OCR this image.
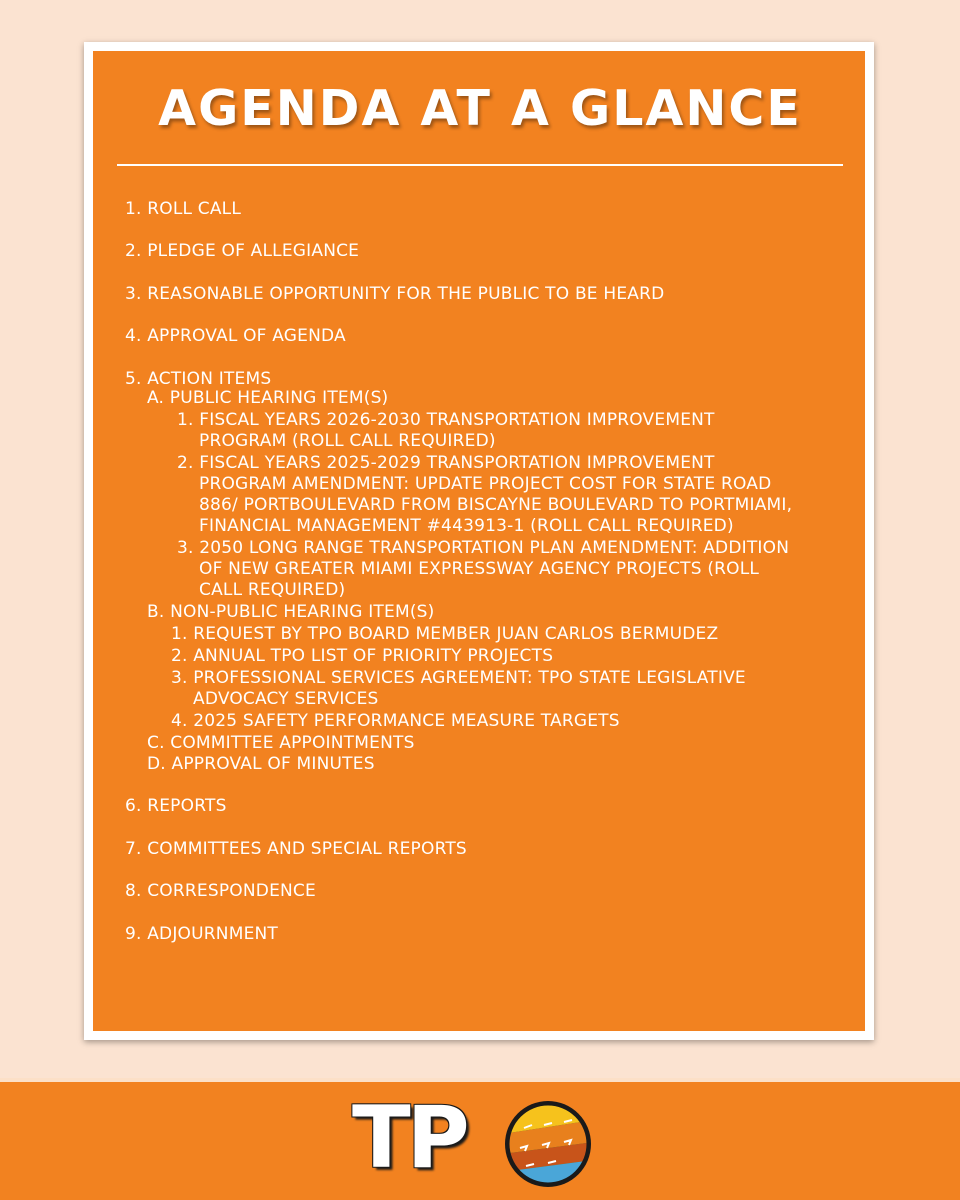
AGENDA AT A GLANCE
1. ROLL CALL
2. PLEDGE OF ALLEGIANCE
3. REASONABLE OPPORTUNITY FOR THE PUBLIC TO BE HEARD
4. APPROVAL OF AGENDA
5. ACTION ITEMS
A. PUBLIC HEARING ITEM(S)
1. FISCAL YEARS 2026-2030 TRANSPORTATION IMPROVEMENT
PROGRAM (ROLL CALL REQUIRED)
2. FISCAL YEARS 2025-2029 TRANSPORTATION IMPROVEMENT
PROGRAM AMENDMENT: UPDATE PROJECT COST FOR STATE ROAD
886/ PORTBOULEVARD FROM BISCAYNE BOULEVARD TO PORTMIAMI,
FINANCIAL MANAGEMENT #443913-1 (ROLL CALL REQUIRED)
3. 2050 LONG RANGE TRANSPORTATION PLAN AMENDMENT: ADDITION
OF NEW GREATER MIAMI EXPRESSWAY AGENCY PROJECTS (ROLL
CALL REQUIRED)
B. NON-PUBLIC HEARING ITEM(S)
1. REQUEST BY TPO BOARD MEMBER JUAN CARLOS BERMUDEZ
2. ANNUAL TPO LIST OF PRIORITY PROJECTS
3. PROFESSIONAL SERVICES AGREEMENT: TPO STATE LEGISLATIVE
ADVOCACY SERVICES
4. 2025 SAFETY PERFORMANCE MEASURE TARGETS
C. COMMITTEE APPOINTMENTS
D. APPROVAL OF MINUTES
6. REPORTS
7. COMMITTEES AND SPECIAL REPORTS
8. CORRESPONDENCE
9. ADJOURNMENT
TP
